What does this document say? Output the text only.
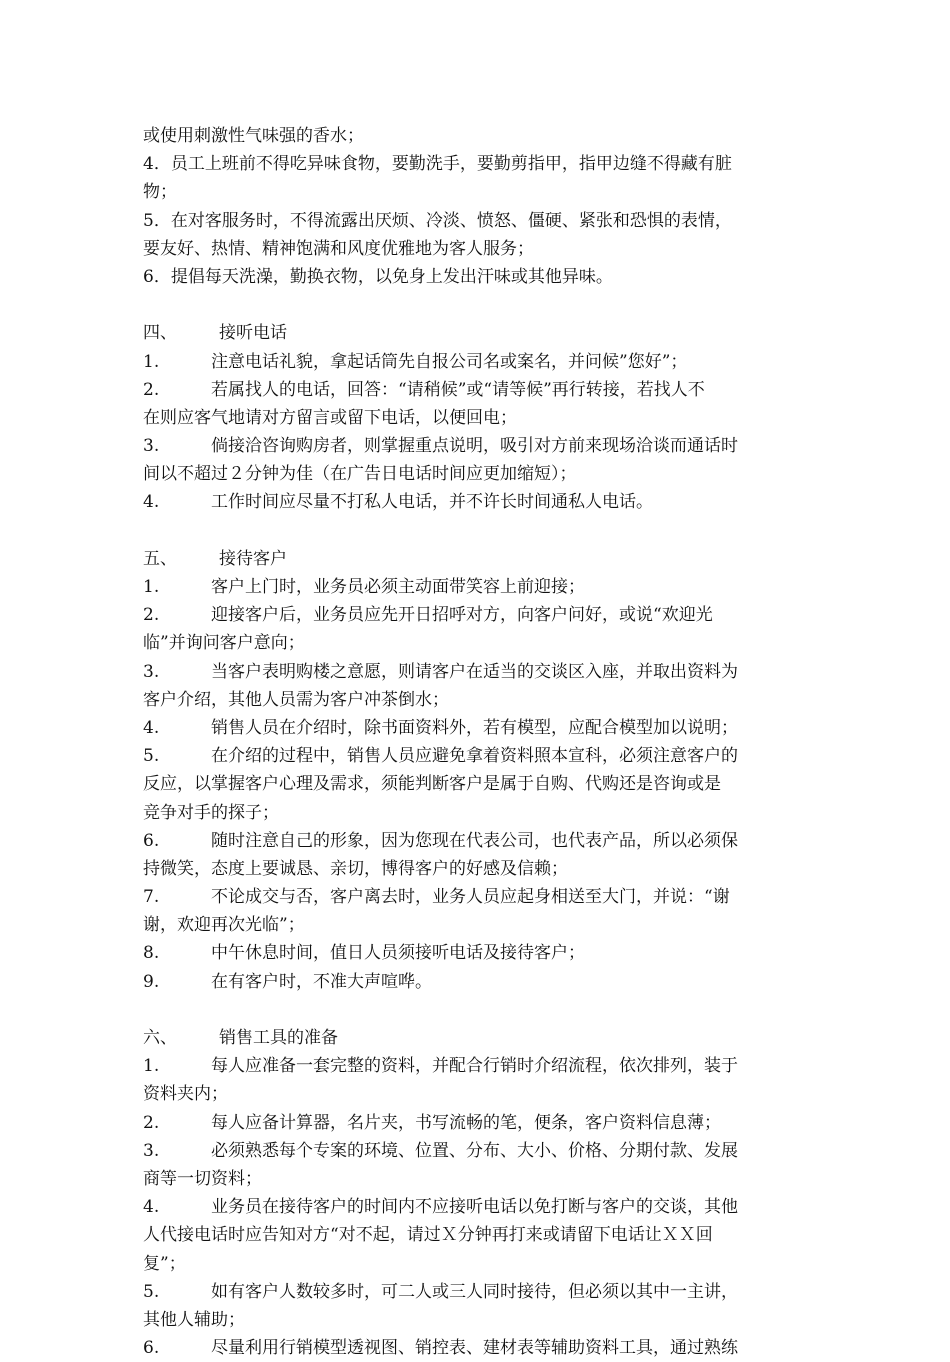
或使用刺激性气味强的香水；
4．员工上班前不得吃异味食物，要勤洗手，要勤剪指甲，指甲边缝不得藏有脏
物；
5．在对客服务时，不得流露出厌烦、冷淡、愤怒、僵硬、紧张和恐惧的表情，
要友好、热情、精神饱满和风度优雅地为客人服务；
6．提倡每天洗澡，勤换衣物，以免身上发出汗味或其他异味。
四、 接听电话
1.	注意电话礼貌，拿起话筒先自报公司名或案名，并问候”您好”；
2.	若属找人的电话，回答：“请稍候”或“请等候”再行转接，若找人不
在则应客气地请对方留言或留下电话，以便回电；
3.	倘接洽咨询购房者，则掌握重点说明，吸引对方前来现场洽谈而通话时
间以不超过２分钟为佳（在广告日电话时间应更加缩短）；
4.	工作时间应尽量不打私人电话，并不许长时间通私人电话。
五、 接待客户
1.	客户上门时，业务员必须主动面带笑容上前迎接；
2.	迎接客户后，业务员应先开日招呼对方，向客户问好，或说“欢迎光
临”并询问客户意向；
3.	当客户表明购楼之意愿，则请客户在适当的交谈区入座，并取出资料为
客户介绍，其他人员需为客户冲茶倒水；
4.	销售人员在介绍时，除书面资料外，若有模型，应配合模型加以说明；
5.	在介绍的过程中，销售人员应避免拿着资料照本宣科，必须注意客户的
反应，以掌握客户心理及需求，须能判断客户是属于自购、代购还是咨询或是
竞争对手的探子；
6.	随时注意自己的形象，因为您现在代表公司，也代表产品，所以必须保
持微笑，态度上要诚恳、亲切，博得客户的好感及信赖；
7.	不论成交与否，客户离去时，业务人员应起身相送至大门，并说：“谢
谢，欢迎再次光临”；
8.	中午休息时间，值日人员须接听电话及接待客户；
9.	在有客户时，不准大声喧哗。
六、 销售工具的准备
1.	每人应准备一套完整的资料，并配合行销时介绍流程，依次排列，装于
资料夹内；
2.	每人应备计算器，名片夹，书写流畅的笔，便条，客户资料信息薄；
3.	必须熟悉每个专案的环境、位置、分布、大小、价格、分期付款、发展
商等一切资料；
4.	业务员在接待客户的时间内不应接听电话以免打断与客户的交谈，其他
人代接电话时应告知对方“对不起，请过Ｘ分钟再打来或请留下电话让ＸＸ回
复”；
5.	如有客户人数较多时，可二人或三人同时接待，但必须以其中一主讲，
其他人辅助；
6.	尽量利用行销模型透视图、销控表、建材表等辅助资料工具，通过熟练
